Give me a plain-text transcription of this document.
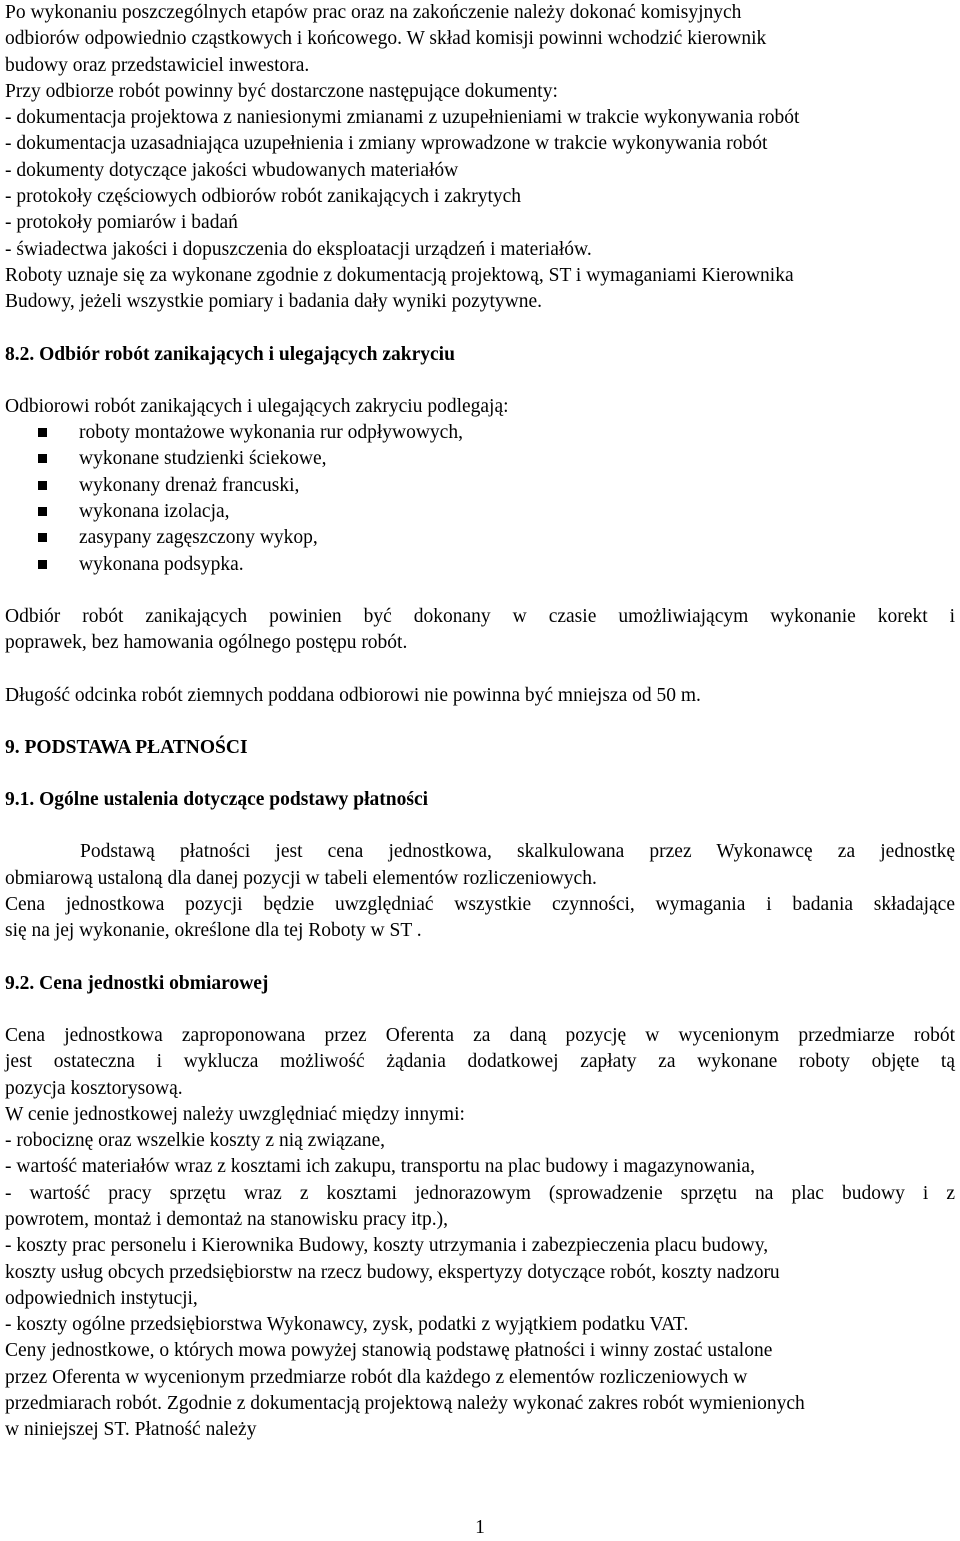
Po wykonaniu poszczególnych etapów prac oraz na zakończenie należy dokonać komisyjnych
odbiorów odpowiednio cząstkowych i końcowego. W skład komisji powinni wchodzić kierownik
budowy oraz przedstawiciel inwestora.
Przy odbiorze robót powinny być dostarczone następujące dokumenty:
- dokumentacja projektowa z naniesionymi zmianami z uzupełnieniami w trakcie wykonywania robót
- dokumentacja uzasadniająca uzupełnienia i zmiany wprowadzone w trakcie wykonywania robót
- dokumenty dotyczące jakości wbudowanych materiałów
- protokoły częściowych odbiorów robót zanikających i zakrytych
- protokoły pomiarów i badań
- świadectwa jakości i dopuszczenia do eksploatacji urządzeń i materiałów.
Roboty uznaje się za wykonane zgodnie z dokumentacją projektową, ST i wymaganiami Kierownika
Budowy, jeżeli wszystkie pomiary i badania dały wyniki pozytywne.
8.2. Odbiór robót zanikających i ulegających zakryciu
Odbiorowi robót zanikających i ulegających zakryciu podlegają:
roboty montażowe wykonania rur odpływowych,
wykonane studzienki ściekowe,
wykonany drenaż francuski,
wykonana izolacja,
zasypany zagęszczony wykop,
wykonana podsypka.
Odbiór robót zanikających powinien być dokonany w czasie umożliwiającym wykonanie korekt i
poprawek, bez hamowania ogólnego postępu robót.
Długość odcinka robót ziemnych poddana odbiorowi nie powinna być mniejsza od 50 m.
9. PODSTAWA PŁATNOŚCI
9.1. Ogólne ustalenia dotyczące podstawy płatności
Podstawą płatności jest cena jednostkowa, skalkulowana przez Wykonawcę za jednostkę
obmiarową ustaloną dla danej pozycji w tabeli elementów rozliczeniowych.
Cena jednostkowa pozycji będzie uwzględniać wszystkie czynności, wymagania i badania składające
się na jej wykonanie, określone dla tej Roboty w ST .
9.2. Cena jednostki obmiarowej
Cena jednostkowa zaproponowana przez Oferenta za daną pozycję w wycenionym przedmiarze robót
jest ostateczna i wyklucza możliwość żądania dodatkowej zapłaty za wykonane roboty objęte tą
pozycja kosztorysową.
W cenie jednostkowej należy uwzględniać między innymi:
- robociznę oraz wszelkie koszty z nią związane,
- wartość materiałów wraz z kosztami ich zakupu, transportu na plac budowy i magazynowania,
- wartość pracy sprzętu wraz z kosztami jednorazowym (sprowadzenie sprzętu na plac budowy i z
powrotem, montaż i demontaż na stanowisku pracy itp.),
- koszty prac personelu i Kierownika Budowy, koszty utrzymania i zabezpieczenia placu budowy,
koszty usług obcych przedsiębiorstw na rzecz budowy, ekspertyzy dotyczące robót, koszty nadzoru
odpowiednich instytucji,
- koszty ogólne przedsiębiorstwa Wykonawcy, zysk, podatki z wyjątkiem podatku VAT.
Ceny jednostkowe, o których mowa powyżej stanowią podstawę płatności i winny zostać ustalone
przez Oferenta w wycenionym przedmiarze robót dla każdego z elementów rozliczeniowych w
przedmiarach robót. Zgodnie z dokumentacją projektową należy wykonać zakres robót wymienionych
w niniejszej ST. Płatność należy
1
